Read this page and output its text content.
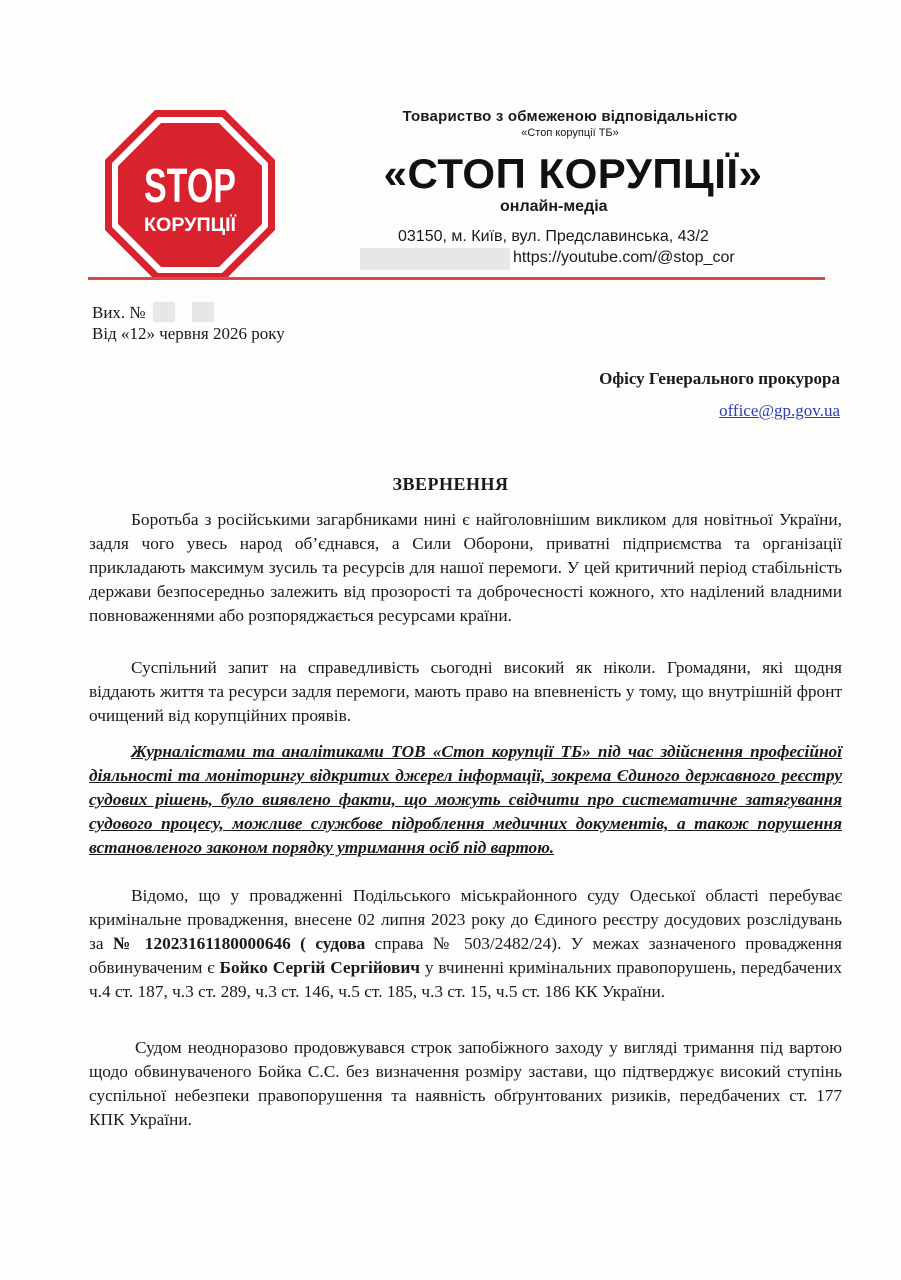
STOP
КОРУПЦІЇ
Товариство з обмеженою відповідальністю
«Стоп корупції ТБ»
«СТОП КОРУПЦІЇ»
онлайн-медіа
03150, м. Київ, вул. Предславинська, 43/2
https://youtube.com/@stop_cor
Вих. №
Від «12» червня 2026 року
Офісу Генерального прокурора
office@gp.gov.ua
ЗВЕРНЕННЯ

Боротьба з російськими загарбниками нині є найголовнішим викликом для новітньої України, задля чого увесь народ об’єднався, а Сили Оборони, приватні підприємства та організації прикладають максимум зусиль та ресурсів для нашої перемоги. У цей критичний період стабільність держави безпосередньо залежить від прозорості та доброчесності кожного, хто наділений владними повноваженнями або розпоряджається ресурсами країни.

Суспільний запит на справедливість сьогодні високий як ніколи. Громадяни, які щодня віддають життя та ресурси задля перемоги, мають право на впевненість у тому, що внутрішній фронт очищений від корупційних проявів.

Журналістами та аналітиками ТОВ «Стоп корупції ТБ» під час здійснення професійної діяльності та моніторингу відкритих джерел інформації, зокрема Єдиного державного реєстру судових рішень, було виявлено факти, що можуть свідчити про систематичне затягування судового процесу, можливе службове підроблення медичних документів, а також порушення встановленого законом порядку утримання осіб під вартою.

Відомо, що у провадженні Подільського міськрайонного суду Одеської області перебуває кримінальне провадження, внесене 02 липня 2023 року до Єдиного реєстру досудових розслідувань за № 12023161180000646 ( судова справа № 503/2482/24). У межах зазначеного провадження обвинуваченим є Бойко Сергій Сергійович у вчиненні кримінальних правопорушень, передбачених ч.4 ст. 187, ч.3 ст. 289, ч.3 ст. 146, ч.5 ст. 185, ч.3 ст. 15, ч.5 ст. 186 КК України.

Судом неодноразово продовжувався строк запобіжного заходу у вигляді тримання під вартою щодо обвинуваченого Бойка С.С. без визначення розміру застави, що підтверджує високий ступінь суспільної небезпеки правопорушення та наявність обґрунтованих ризиків, передбачених ст. 177 КПК України.
